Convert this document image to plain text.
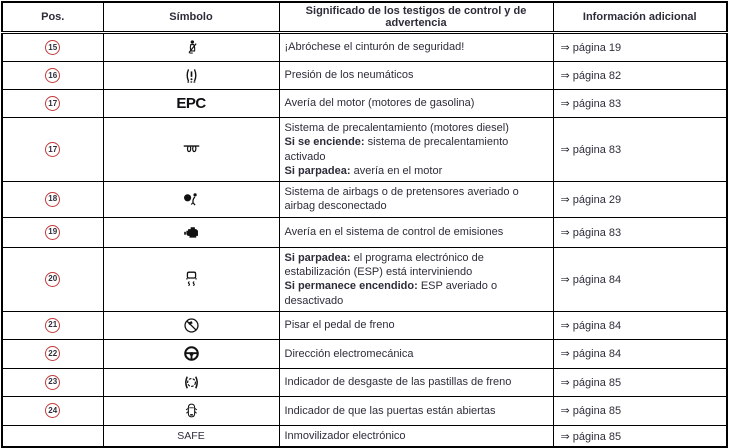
Pos.	Símbolo	Significado de los testigos de control y de advertencia	Información adicional
15		¡Abróchese el cinturón de seguridad!	⇒ página 19
16		Presión de los neumáticos	⇒ página 82
17	EPC	Avería del motor (motores de gasolina)	⇒ página 83
17		Sistema de precalentamiento (motores diesel)
Si se enciende: sistema de precalentamiento activado
Si parpadea: avería en el motor	⇒ página 83
18		Sistema de airbags o de pretensores averiado o airbag desconectado	⇒ página 29
19		Avería en el sistema de control de emisiones	⇒ página 83
20		Si parpadea: el programa electrónico de estabilización (ESP) está interviniendo
Si permanece encendido: ESP averiado o desactivado	⇒ página 84
21		Pisar el pedal de freno	⇒ página 84
22		Dirección electromecánica	⇒ página 84
23		Indicador de desgaste de las pastillas de freno	⇒ página 85
24		Indicador de que las puertas están abiertas	⇒ página 85
	SAFE	Inmovilizador electrónico	⇒ página 85
